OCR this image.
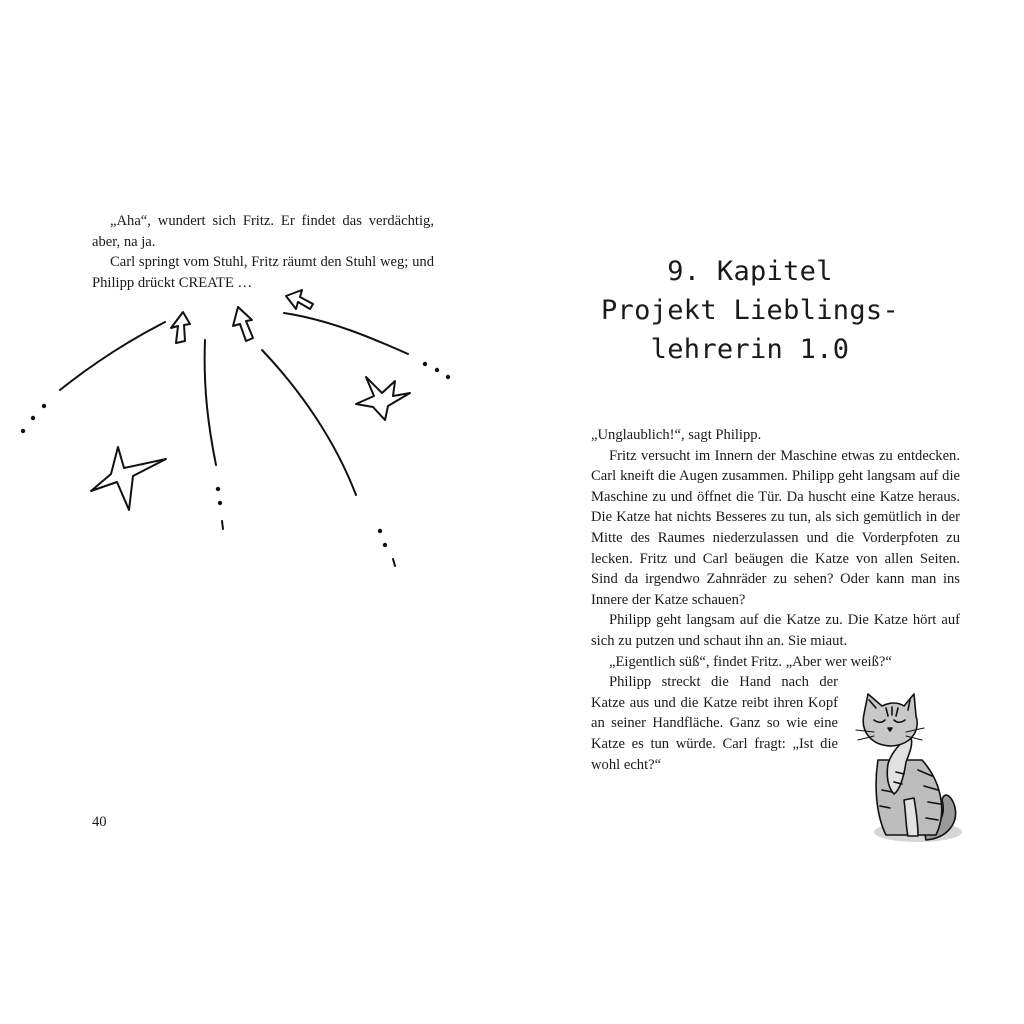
„Aha“, wundert sich Fritz. Er findet das verdächtig, aber, na ja.

Carl springt vom Stuhl, Fritz räumt den Stuhl weg; und Philipp drückt CREATE …

40
9. Kapitel
Projekt Lieblings-
lehrerin 1.0

„Unglaublich!“, sagt Philipp.

Fritz versucht im Innern der Maschine etwas zu entdecken. Carl kneift die Augen zusammen. Philipp geht langsam auf die Maschine zu und öffnet die Tür. Da huscht eine Katze heraus. Die Katze hat nichts Besseres zu tun, als sich gemütlich in der Mitte des Raumes niederzulassen und die Vorderpfoten zu lecken. Fritz und Carl beäugen die Katze von allen Seiten. Sind da irgendwo Zahnräder zu sehen? Oder kann man ins Innere der Katze schauen?

Philipp geht langsam auf die Katze zu. Die Katze hört auf sich zu putzen und schaut ihn an. Sie miaut.

„Eigentlich süß“, findet Fritz. „Aber wer weiß?“

Philipp streckt die Hand nach der Katze aus und die Katze reibt ihren Kopf an seiner Handfläche. Ganz so wie eine Katze es tun würde. Carl fragt: „Ist die wohl echt?“
